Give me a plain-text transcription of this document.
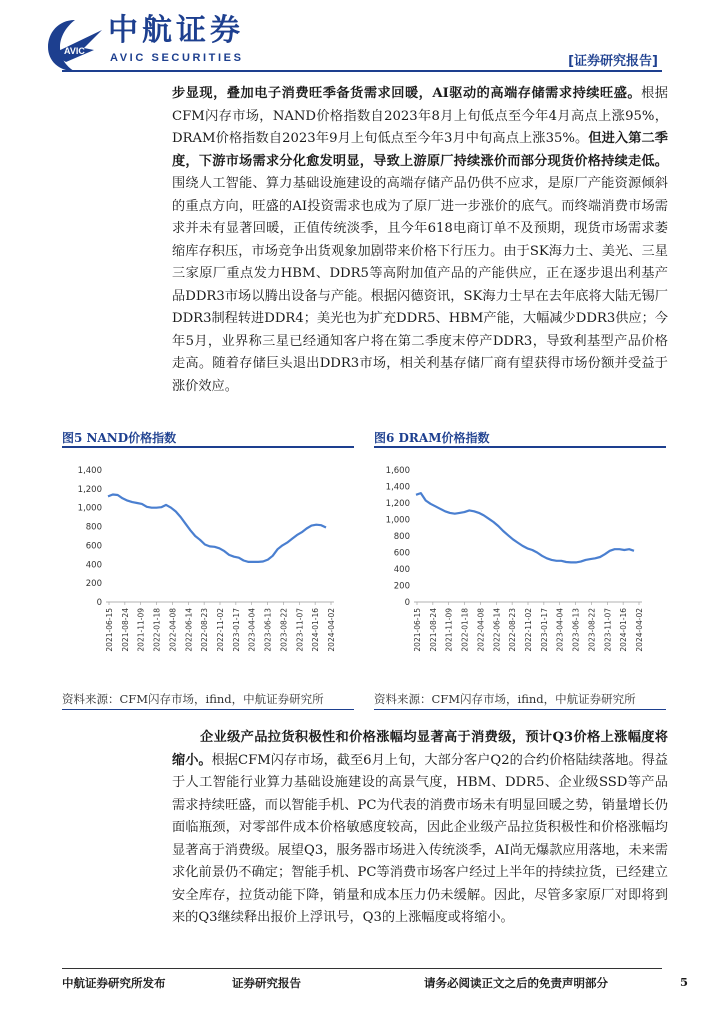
AVIC
中航证券
AVIC SECURITIES	[证券研究报告]

步显现，叠加电子消费旺季备货需求回暖，AI驱动的高端存储需求持续旺盛。根据CFM闪存市场，NAND价格指数自2023年8月上旬低点至今年4月高点上涨95%，DRAM价格指数自2023年9月上旬低点至今年3月中旬高点上涨35%。但进入第二季度，下游市场需求分化愈发明显，导致上游原厂持续涨价而部分现货价格持续走低。围绕人工智能、算力基础设施建设的高端存储产品仍供不应求，是原厂产能资源倾斜的重点方向，旺盛的AI投资需求也成为了原厂进一步涨价的底气。而终端消费市场需求并未有显著回暖，正值传统淡季，且今年618电商订单不及预期，现货市场需求萎缩库存积压，市场竞争出货观象加剧带来价格下行压力。由于SK海力士、美光、三星三家原厂重点发力HBM、DDR5等高附加值产品的产能供应，正在逐步退出利基产品DDR3市场以腾出设备与产能。根据闪德资讯，SK海力士早在去年底将大陆无锡厂DDR3制程转进DDR4；美光也为扩充DDR5、HBM产能，大幅减少DDR3供应；今年5月，业界称三星已经通知客户将在第二季度末停产DDR3，导致利基型产品价格走高。随着存储巨头退出DDR3市场，相关利基存储厂商有望获得市场份额并受益于涨价效应。

图5 NAND价格指数
0
200
400
600
800
1,000
1,200
1,400
2021-06-15 2021-08-24 2021-11-09 2022-01-18 2022-04-08 2022-06-14 2022-08-23 2022-11-02 2023-01-17 2023-04-04 2023-06-13 2023-08-22 2023-11-07 2024-01-16 2024-04-02
资料来源：CFM闪存市场，ifind，中航证券研究所
图6 DRAM价格指数
0
200
400
600
800
1,000
1,200
1,400
1,600
2021-06-15 2021-08-24 2021-11-09 2022-01-18 2022-04-08 2022-06-14 2022-08-23 2022-11-02 2023-01-17 2023-04-04 2023-06-13 2023-08-22 2023-11-07 2024-01-16 2024-04-02
资料来源：CFM闪存市场，ifind，中航证券研究所

企业级产品拉货积极性和价格涨幅均显著高于消费级，预计Q3价格上涨幅度将缩小。根据CFM闪存市场，截至6月上旬，大部分客户Q2的合约价格陆续落地。得益于人工智能行业算力基础设施建设的高景气度，HBM、DDR5、企业级SSD等产品需求持续旺盛，而以智能手机、PC为代表的消费市场未有明显回暖之势，销量增长仍面临瓶颈，对零部件成本价格敏感度较高，因此企业级产品拉货积极性和价格涨幅均显著高于消费级。展望Q3，服务器市场进入传统淡季，AI尚无爆款应用落地，未来需求化前景仍不确定；智能手机、PC等消费市场客户经过上半年的持续拉货，已经建立安全库存，拉货动能下降，销量和成本压力仍未缓解。因此，尽管多家原厂对即将到来的Q3继续释出报价上浮讯号，Q3的上涨幅度或将缩小。

中航证券研究所发布	证券研究报告	请务必阅读正文之后的免责声明部分	5
